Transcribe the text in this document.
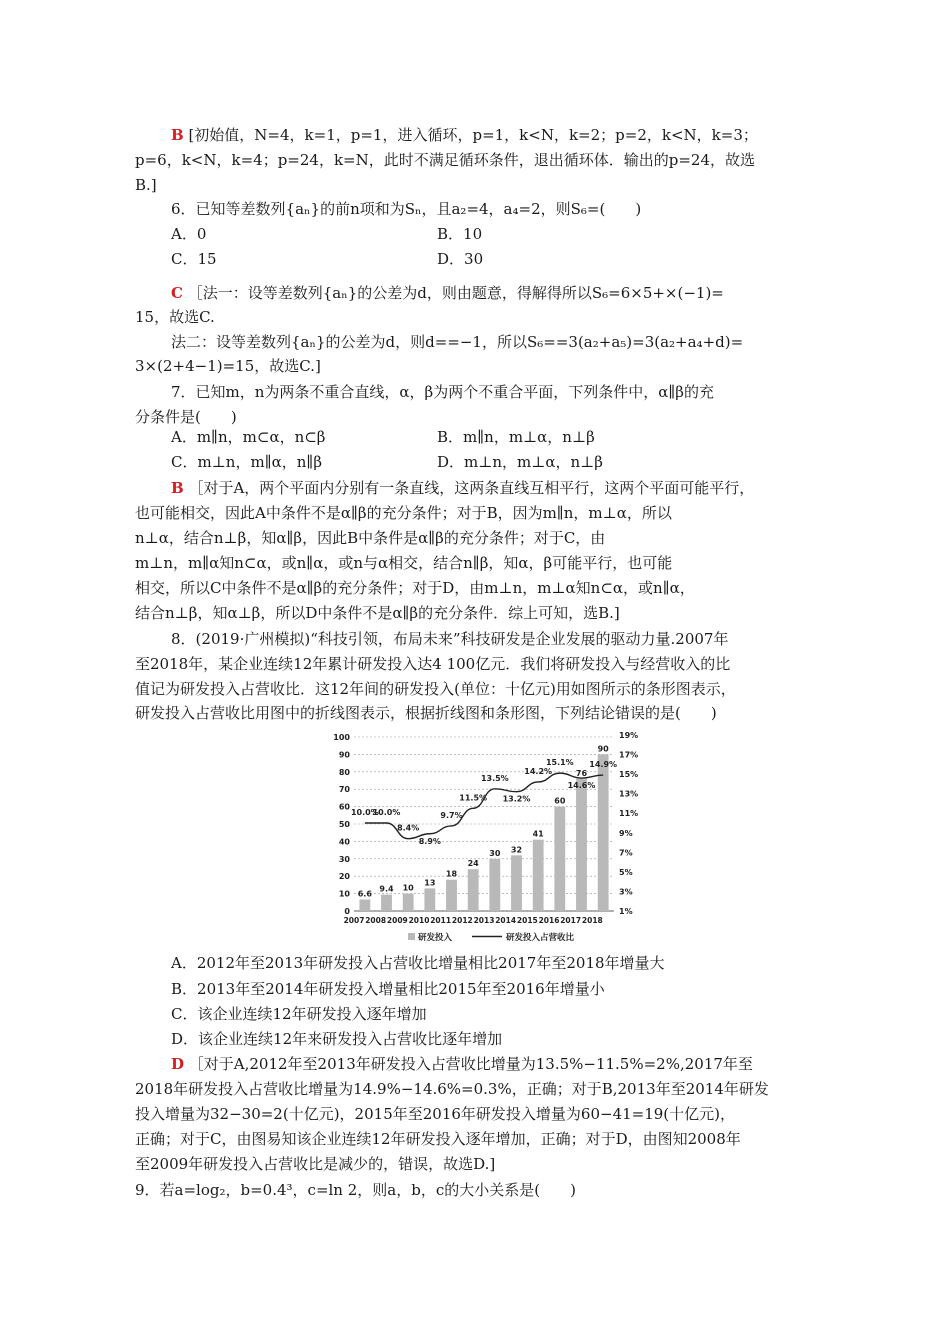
B [初始值，N=4，k=1，p=1，进入循环，p=1，k<N，k=2；p=2，k<N，k=3；
p=6，k<N，k=4；p=24，k=N，此时不满足循环条件，退出循环体．输出的p=24，故选
B.]
6．已知等差数列{aₙ}的前n项和为Sₙ，且a₂=4，a₄=2，则S₆=(　　)
C ［法一：设等差数列{aₙ}的公差为d，则由题意，得解得所以S₆=6×5+×(−1)=
15，故选C.
法二：设等差数列{aₙ}的公差为d，则d==−1，所以S₆==3(a₂+a₅)=3(a₂+a₄+d)=
3×(2+4−1)=15，故选C.]
7．已知m，n为两条不重合直线，α，β为两个不重合平面，下列条件中，α∥β的充
分条件是(　　)
B ［对于A，两个平面内分别有一条直线，这两条直线互相平行，这两个平面可能平行，
也可能相交，因此A中条件不是α∥β的充分条件；对于B，因为m∥n，m⊥α，所以
n⊥α，结合n⊥β，知α∥β，因此B中条件是α∥β的充分条件；对于C，由
m⊥n，m∥α知n⊂α，或n∥α，或n与α相交，结合n∥β，知α，β可能平行，也可能
相交，所以C中条件不是α∥β的充分条件；对于D，由m⊥n，m⊥α知n⊂α，或n∥α，
结合n⊥β，知α⊥β，所以D中条件不是α∥β的充分条件．综上可知，选B.]
8．(2019·广州模拟)“科技引领，布局未来”科技研发是企业发展的驱动力量.2007年
至2018年，某企业连续12年累计研发投入达4 100亿元．我们将研发投入与经营收入的比
值记为研发投入占营收比．这12年间的研发投入(单位：十亿元)用如图所示的条形图表示，
研发投入占营收比用图中的折线图表示，根据折线图和条形图，下列结论错误的是(　　)
A．2012年至2013年研发投入占营收比增量相比2017年至2018年增量大
B．2013年至2014年研发投入增量相比2015年至2016年增量小
C．该企业连续12年研发投入逐年增加
D．该企业连续12年来研发投入占营收比逐年增加
D ［对于A,2012年至2013年研发投入占营收比增量为13.5%−11.5%=2%,2017年至
2018年研发投入占营收比增量为14.9%−14.6%=0.3%，正确；对于B,2013年至2014年研发
投入增量为32−30=2(十亿元)，2015年至2016年研发投入增量为60−41=19(十亿元)，
正确；对于C，由图易知该企业连续12年研发投入逐年增加，正确；对于D，由图知2008年
至2009年研发投入占营收比是减少的，错误，故选D.]
9．若a=log₂，b=0.4³，c=ln 2，则a，b，c的大小关系是(　　)
A．0	B．10
C．15	D．30
A．m∥n，m⊂α，n⊂β	B．m∥n，m⊥α，n⊥β
C．m⊥n，m∥α，n∥β	D．m⊥n，m⊥α，n⊥β
0
10
20
30
40
50
60
70
80
90
100
1%
3%
5%
7%
9%
11%
13%
15%
17%
19%
6.6
9.4 10
13
18
24
30 32
41
60
76
90
2007 2008 2009 2010 2011 2012 2013 2014 2015 2016 2017 2018
10.0%
10.0%
8.4%
8.9%
9.7%
11.5%
13.5%
13.2%
14.2%
15.1%
14.6%
14.9%
研发投入	研发投入占营收比
